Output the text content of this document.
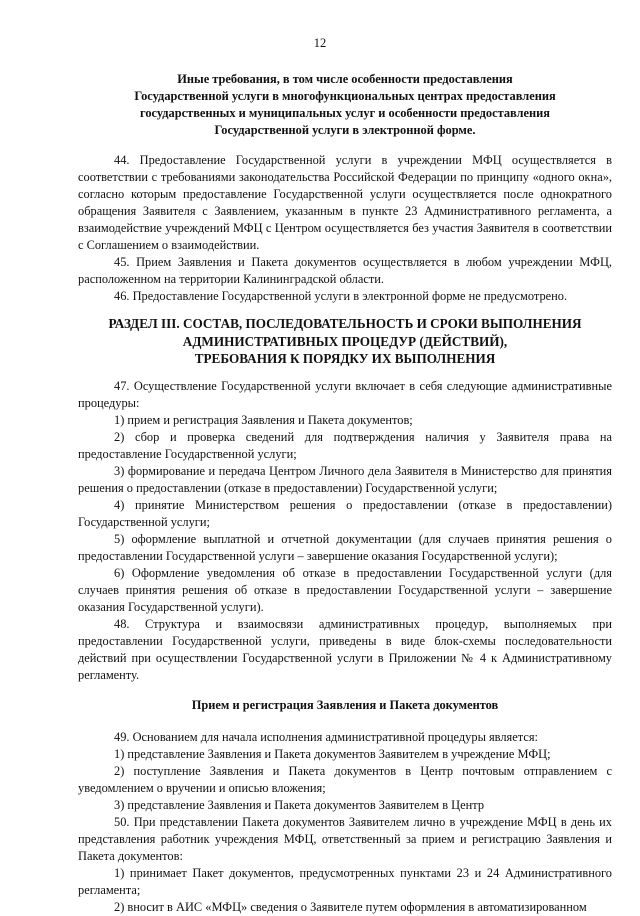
12
Иные требования, в том числе особенности предоставления
Государственной услуги в многофункциональных центрах предоставления
государственных и муниципальных услуг и особенности предоставления
Государственной услуги в электронной форме.

44. Предоставление Государственной услуги в учреждении МФЦ осуществляется в соответствии с требованиями законодательства Российской Федерации по принципу «одного окна», согласно которым предоставление Государственной услуги осуществляется после однократного обращения Заявителя с Заявлением, указанным в пункте 23 Административного регламента, а взаимодействие учреждений МФЦ с Центром осуществляется без участия Заявителя в соответствии с Соглашением о взаимодействии.

45. Прием Заявления и Пакета документов осуществляется в любом учреждении МФЦ, расположенном на территории Калининградской области.

46. Предоставление Государственной услуги в электронной форме не предусмотрено.

РАЗДЕЛ III. СОСТАВ, ПОСЛЕДОВАТЕЛЬНОСТЬ И СРОКИ ВЫПОЛНЕНИЯ
АДМИНИСТРАТИВНЫХ ПРОЦЕДУР (ДЕЙСТВИЙ),
ТРЕБОВАНИЯ К ПОРЯДКУ ИХ ВЫПОЛНЕНИЯ

47. Осуществление Государственной услуги включает в себя следующие административные процедуры:

1) прием и регистрация Заявления и Пакета документов;

2) сбор и проверка сведений для подтверждения наличия у Заявителя права на предоставление Государственной услуги;

3) формирование и передача Центром Личного дела Заявителя в Министерство для принятия решения о предоставлении (отказе в предоставлении) Государственной услуги;

4) принятие Министерством решения о предоставлении (отказе в предоставлении) Государственной услуги;

5) оформление выплатной и отчетной документации (для случаев принятия решения о предоставлении Государственной услуги – завершение оказания Государственной услуги);

6) Оформление уведомления об отказе в предоставлении Государственной услуги (для случаев принятия решения об отказе в предоставлении Государственной услуги – завершение оказания Государственной услуги).

48. Структура и взаимосвязи административных процедур, выполняемых при предоставлении Государственной услуги, приведены в виде блок-схемы последовательности действий при осуществлении Государственной услуги в Приложении № 4 к Административному регламенту.

Прием и регистрация Заявления и Пакета документов

49. Основанием для начала исполнения административной процедуры является:

1) представление Заявления и Пакета документов Заявителем в учреждение МФЦ;

2) поступление Заявления и Пакета документов в Центр почтовым отправлением с уведомлением о вручении и описью вложения;

3) представление Заявления и Пакета документов Заявителем в Центр

50. При представлении Пакета документов Заявителем лично в учреждение МФЦ в день их представления работник учреждения МФЦ, ответственный за прием и регистрацию Заявления и Пакета документов:

1) принимает Пакет документов, предусмотренных пунктами 23 и 24 Административного регламента;

2) вносит в АИС «МФЦ» сведения о Заявителе путем оформления в автоматизированном
